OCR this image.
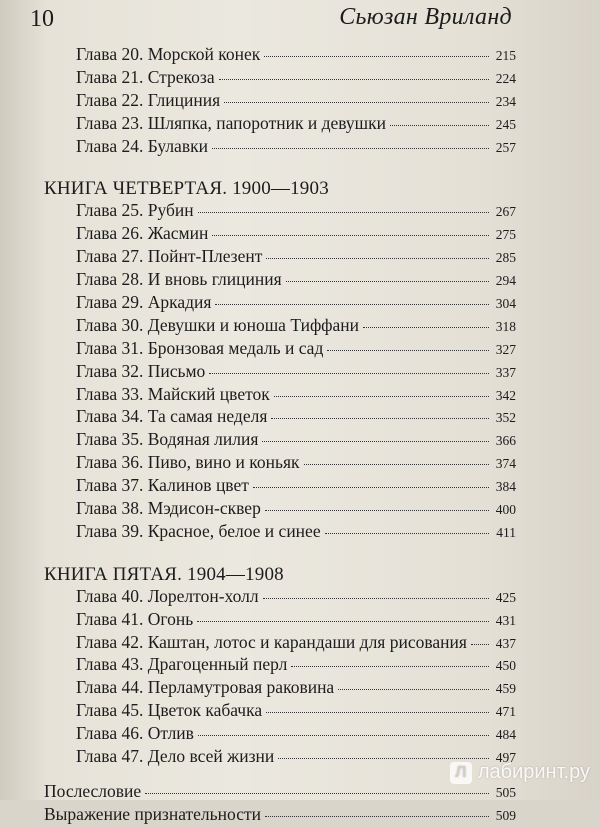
10	Сьюзан Вриланд
Глава 20. Морской конек	215
Глава 21. Стрекоза	224
Глава 22. Глициния	234
Глава 23. Шляпка, папоротник и девушки	245
Глава 24. Булавки	257
КНИГА ЧЕТВЕРТАЯ. 1900—1903
Глава 25. Рубин	267
Глава 26. Жасмин	275
Глава 27. Пойнт-Плезент	285
Глава 28. И вновь глициния	294
Глава 29. Аркадия	304
Глава 30. Девушки и юноша Тиффани	318
Глава 31. Бронзовая медаль и сад	327
Глава 32. Письмо	337
Глава 33. Майский цветок	342
Глава 34. Та самая неделя	352
Глава 35. Водяная лилия	366
Глава 36. Пиво, вино и коньяк	374
Глава 37. Калинов цвет	384
Глава 38. Мэдисон-сквер	400
Глава 39. Красное, белое и синее	411
КНИГА ПЯТАЯ. 1904—1908
Глава 40. Лорелтон-холл	425
Глава 41. Огонь	431
Глава 42. Каштан, лотос и карандаши для рисования 437
Глава 43. Драгоценный перл	450
Глава 44. Перламутровая раковина	459
Глава 45. Цветок кабачка	471
Глава 46. Отлив	484
Глава 47. Дело всей жизни	497
Послесловие	505
Выражение признательности	509
Л лабиринт.ру
